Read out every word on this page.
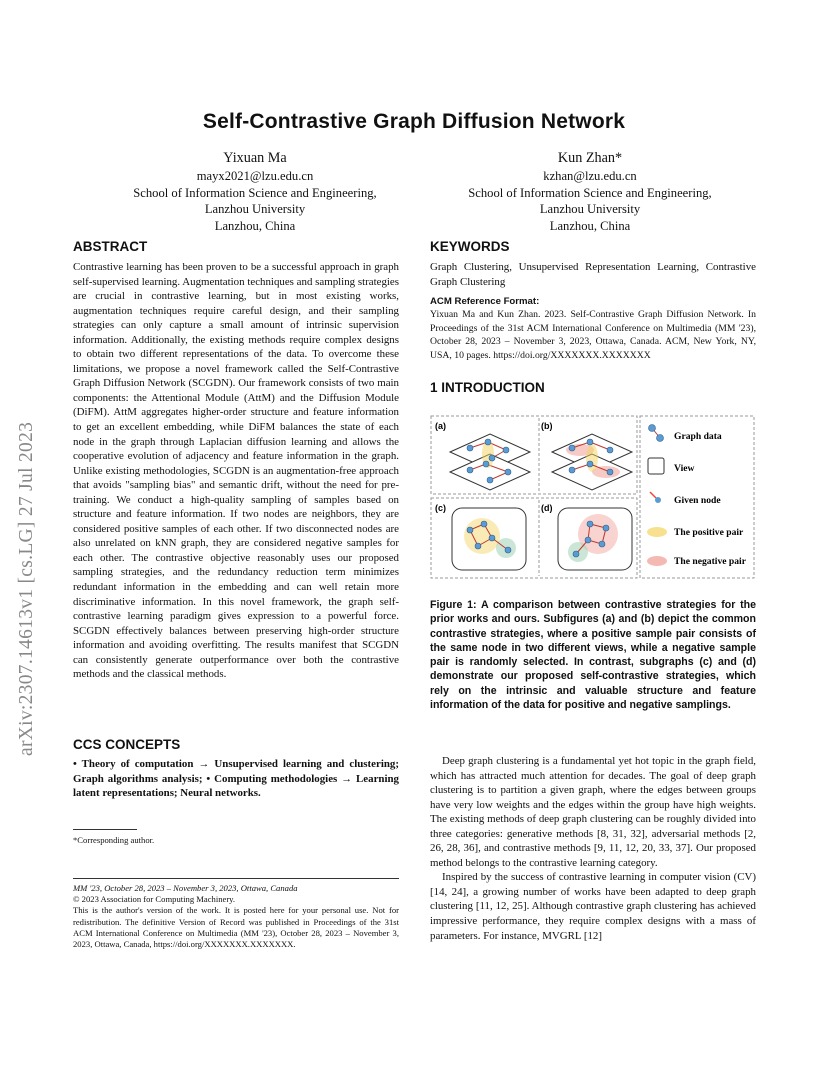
arXiv:2307.14613v1 [cs.LG] 27 Jul 2023
Self-Contrastive Graph Diffusion Network
Yixuan Ma
mayx2021@lzu.edu.cn
School of Information Science and Engineering,
Lanzhou University
Lanzhou, China
Kun Zhan*
kzhan@lzu.edu.cn
School of Information Science and Engineering,
Lanzhou University
Lanzhou, China
ABSTRACT

Contrastive learning has been proven to be a successful approach in graph self-supervised learning. Augmentation techniques and sampling strategies are crucial in contrastive learning, but in most existing works, augmentation techniques require careful design, and their sampling strategies can only capture a small amount of intrinsic supervision information. Additionally, the existing methods require complex designs to obtain two different representations of the data. To overcome these limitations, we propose a novel framework called the Self-Contrastive Graph Diffusion Network (SCGDN). Our framework consists of two main components: the Attentional Module (AttM) and the Diffusion Module (DiFM). AttM aggregates higher-order structure and feature information to get an excellent embedding, while DiFM balances the state of each node in the graph through Laplacian diffusion learning and allows the cooperative evolution of adjacency and feature information in the graph. Unlike existing methodologies, SCGDN is an augmentation-free approach that avoids "sampling bias" and semantic drift, without the need for pre-training. We conduct a high-quality sampling of samples based on structure and feature information. If two nodes are neighbors, they are considered positive samples of each other. If two disconnected nodes are also unrelated on kNN graph, they are considered negative samples for each other. The contrastive objective reasonably uses our proposed sampling strategies, and the redundancy reduction term minimizes redundant information in the embedding and can well retain more discriminative information. In this novel framework, the graph self-contrastive learning paradigm gives expression to a powerful force. SCGDN effectively balances between preserving high-order structure information and avoiding overfitting. The results manifest that SCGDN can consistently generate outperformance over both the contrastive methods and the classical methods.

CCS CONCEPTS
• Theory of computation → Unsupervised learning and clustering; Graph algorithms analysis; • Computing methodologies → Learning latent representations; Neural networks.
*Corresponding author.
MM '23, October 28, 2023 – November 3, 2023, Ottawa, Canada
© 2023 Association for Computing Machinery.
This is the author's version of the work. It is posted here for your personal use. Not for redistribution. The definitive Version of Record was published in Proceedings of the 31st ACM International Conference on Multimedia (MM '23), October 28, 2023 – November 3, 2023, Ottawa, Canada, https://doi.org/XXXXXXX.XXXXXXX.
KEYWORDS
Graph Clustering, Unsupervised Representation Learning, Contrastive Graph Clustering
ACM Reference Format:
Yixuan Ma and Kun Zhan. 2023. Self-Contrastive Graph Diffusion Network. In Proceedings of the 31st ACM International Conference on Multimedia (MM '23), October 28, 2023 – November 3, 2023, Ottawa, Canada. ACM, New York, NY, USA, 10 pages. https://doi.org/XXXXXXX.XXXXXXX
1 INTRODUCTION
(a)	(b)
(c)	(d)
Graph data
View
Given node
The positive pair
The negative pair
Figure 1: A comparison between contrastive strategies for the prior works and ours. Subfigures (a) and (b) depict the common contrastive strategies, where a positive sample pair consists of the same node in two different views, while a negative sample pair is randomly selected. In contrast, subgraphs (c) and (d) demonstrate our proposed self-contrastive strategies, which rely on the intrinsic and valuable structure and feature information of the data for positive and negative samplings.

Deep graph clustering is a fundamental yet hot topic in the graph field, which has attracted much attention for decades. The goal of deep graph clustering is to partition a given graph, where the edges between groups have very low weights and the edges within the group have high weights. The existing methods of deep graph clustering can be roughly divided into three categories: generative methods [8, 31, 32], adversarial methods [2, 26, 28, 36], and contrastive methods [9, 11, 12, 20, 33, 37]. Our proposed method belongs to the contrastive learning category.

Inspired by the success of contrastive learning in computer vision (CV) [14, 24], a growing number of works have been adapted to deep graph clustering [11, 12, 25]. Although contrastive graph clustering has achieved impressive performance, they require complex designs with a mass of parameters. For instance, MVGRL [12]
